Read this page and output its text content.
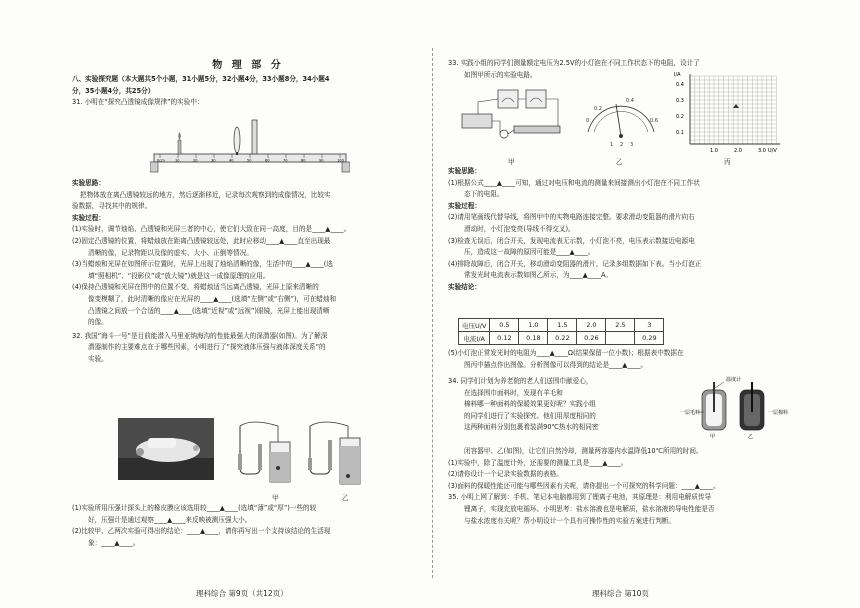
物 理 部 分

八、实验探究题（本大题共5个小题，31小题5分，32小题4分，33小题8分，34小题4

分，35小题4分，共25分）

31. 小明在“探究凸透镜成像规律”的实验中：

0cm	10	20	30	40	50	60	70	80	90	100

实验思路：

把物体放在离凸透镜较远的地方，然后逐渐移近，记录每次观察到的成像情况，比较实

验数据，寻找其中的规律。

实验过程：

(1)实验时，调节烛焰、凸透镜和光屏三者的中心，使它们大致在同一高度，目的是____▲____。

(2)固定凸透镜的位置，将蜡烛放在距离凸透镜较远处，此时应移动____▲____直至出现最

清晰的像，记录物距以及像的虚实、大小、正倒等情况。

(3)当蜡烛和光屏在如图所示位置时，光屏上出现了烛焰清晰的像，生活中的____▲____(选

填“照相机”、“投影仪”或“放大镜”)就是这一成像原理的应用。

(4)保持凸透镜和光屏在图中的位置不变，将蜡烛适当远离凸透镜，光屏上原来清晰的

像变模糊了，此时清晰的像应在光屏的____▲____(选填“左侧”或“右侧”)，可在蜡烛和

凸透镜之间放一个合适的____▲____(选填“近视”或“远视”)眼镜，光屏上能出现清晰

的像。

32. 我国“海斗一号”是目前能潜入马里亚纳海沟的性能最强大的深潜器(如图)。为了解深

潜器制作的主要难点在于哪些因素，小明进行了“探究液体压强与液体深度关系”的

实验。

甲	乙

(1)实验所用压强计探头上的橡皮膜应该选用较____▲____(选填“薄”或“厚”)一些的较

好，压强计是通过观察____▲____来反映被测压强大小。

(2)比较甲、乙两次实验可得出的结论：____▲____，请你再写出一个支持该结论的生活现

象：____▲____。

理科综合 第9页（共12页）

33. 实践小组的同学们测量额定电压为2.5V的小灯泡在不同工作状态下的电阻，设计了

如图甲所示的实验电路。

甲
0
0.2
0.4
0.6
1 2 3
乙
I/A
U/V
0.4
0.3
0.2
0.1
1.0	2.0	3.0
丙

实验思路：

(1)根据公式____▲____可知，通过对电压和电流的测量来间接测出小灯泡在不同工作状

态下的电阻。

实验过程：

(2)请用笔画线代替导线，将图甲中的实物电路连接完整。要求滑动变阻器的滑片向右

滑动时，小灯泡变亮(导线不得交叉)。

(3)检查无误后，闭合开关，发现电流表无示数，小灯泡不亮，电压表示数接近电源电

压，造成这一故障的原因可能是____▲____。

(4)排除故障后，闭合开关，移动滑动变阻器的滑片，记录多组数据如下表。当小灯泡正

常发光时电流表示数如图乙所示，为____▲____A。

实验结论：

电压U/V	0.5	1.0	1.5	2.0	2.5	3
电流I/A	0.12	0.18	0.22	0.26		0.29

(5)小灯泡正常发光时的电阻为____▲____Ω(结果保留一位小数)；根据表中数据在

图丙中描点作出图像。分析图像可以得到的结论是____▲____。

34. 同学们计划为养老院的老人们送围巾献爱心，

在选择围巾面料时，发现有羊毛和

棉料哪一种面料的保暖效果更好呢？实践小组

的同学们进行了实验探究。他们用厚度相同的

这两种面料分别包裹着装满90℃热水的相同密

温度计
一层毛料	一层棉料
甲	乙

闭容器甲、乙(如图)，让它们自然冷却，测量两容器内水温降低10℃所用的时间。

(1)实验中，除了温度计外，还需要的测量工具是____▲____。

(2)请你设计一个记录实验数据的表格。

(3)面料的保暖性能还可能与哪些因素有关呢，请你提出一个可探究的科学问题：____▲____。

35. 小明上网了解到：手机、笔记本电脑都用到了锂离子电池，其原理是：利用电解质传导

锂离子，实现充放电循环。小明思考：盐水溶液也是电解质，盐水溶液的导电性能是否

与盐水浓度有关呢？帮小明设计一个具有可操作性的实验方案进行判断。

理科综合 第10页
